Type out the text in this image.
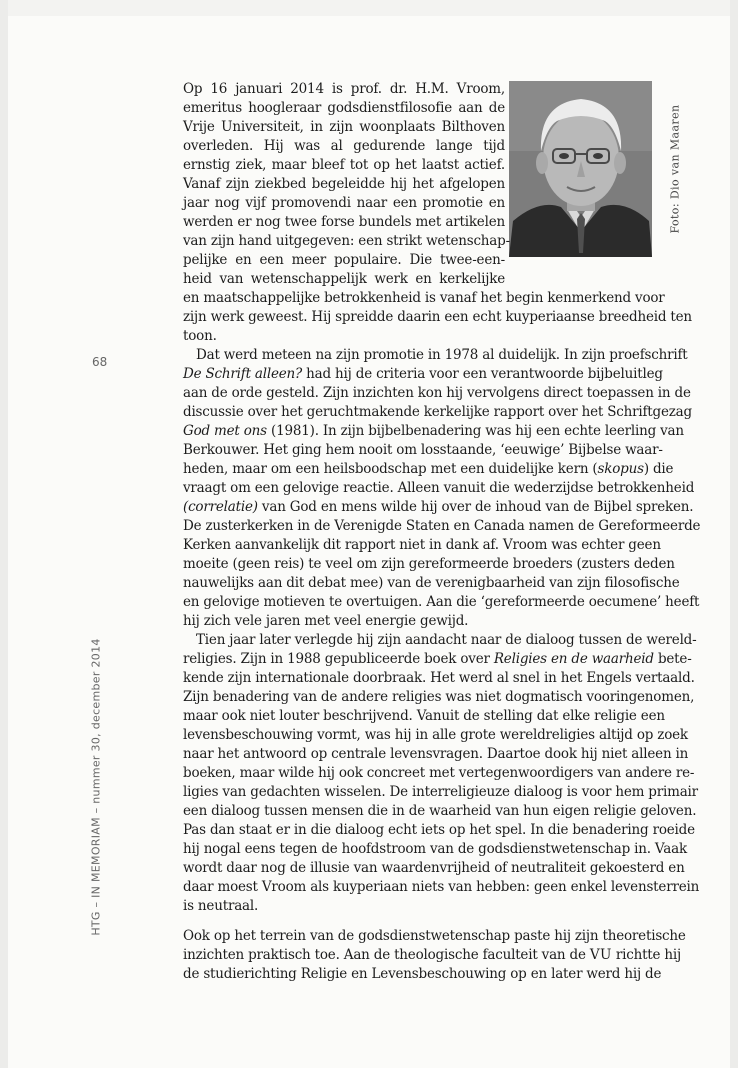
Foto: Dio van Maaren
68
HTG – IN MEMORIAM – nummer 30, december 2014
Op 16 januari 2014 is prof. dr. H.M. Vroom,
emeritus hoogleraar godsdienstfilosofie aan de
Vrije Universiteit, in zijn woonplaats Bilthoven
overleden. Hij was al gedurende lange tijd
ernstig ziek, maar bleef tot op het laatst actief.
Vanaf zijn ziekbed begeleidde hij het afgelopen
jaar nog vijf promovendi naar een promotie en
werden er nog twee forse bundels met artikelen
van zijn hand uitgegeven: een strikt wetenschap-
pelijke en een meer populaire. Die twee-een-
heid van wetenschappelijk werk en kerkelijke
en maatschappelijke betrokkenheid is vanaf het begin kenmerkend voor
zijn werk geweest. Hij spreidde daarin een echt kuyperiaanse breedheid ten
toon.
Dat werd meteen na zijn promotie in 1978 al duidelijk. In zijn proefschrift
De Schrift alleen? had hij de criteria voor een verantwoorde bijbeluitleg
aan de orde gesteld. Zijn inzichten kon hij vervolgens direct toepassen in de
discussie over het geruchtmakende kerkelijke rapport over het Schriftgezag
God met ons (1981). In zijn bijbelbenadering was hij een echte leerling van
Berkouwer. Het ging hem nooit om losstaande, ‘eeuwige’ Bijbelse waar-
heden, maar om een heilsboodschap met een duidelijke kern (skopus) die
vraagt om een gelovige reactie. Alleen vanuit die wederzijdse betrokkenheid
(correlatie) van God en mens wilde hij over de inhoud van de Bijbel spreken.
De zusterkerken in de Verenigde Staten en Canada namen de Gereformeerde
Kerken aanvankelijk dit rapport niet in dank af. Vroom was echter geen
moeite (geen reis) te veel om zijn gereformeerde broeders (zusters deden
nauwelijks aan dit debat mee) van de verenigbaarheid van zijn filosofische
en gelovige motieven te overtuigen. Aan die ‘gereformeerde oecumene’ heeft
hij zich vele jaren met veel energie gewijd.
Tien jaar later verlegde hij zijn aandacht naar de dialoog tussen de wereld-
religies. Zijn in 1988 gepubliceerde boek over Religies en de waarheid bete-
kende zijn internationale doorbraak. Het werd al snel in het Engels vertaald.
Zijn benadering van de andere religies was niet dogmatisch vooringenomen,
maar ook niet louter beschrijvend. Vanuit de stelling dat elke religie een
levensbeschouwing vormt, was hij in alle grote wereldreligies altijd op zoek
naar het antwoord op centrale levensvragen. Daartoe dook hij niet alleen in
boeken, maar wilde hij ook concreet met vertegenwoordigers van andere re-
ligies van gedachten wisselen. De interreligieuze dialoog is voor hem primair
een dialoog tussen mensen die in de waarheid van hun eigen religie geloven.
Pas dan staat er in die dialoog echt iets op het spel. In die benadering roeide
hij nogal eens tegen de hoofdstroom van de godsdienstwetenschap in. Vaak
wordt daar nog de illusie van waardenvrijheid of neutraliteit gekoesterd en
daar moest Vroom als kuyperiaan niets van hebben: geen enkel levensterrein
is neutraal.
Ook op het terrein van de godsdienstwetenschap paste hij zijn theoretische
inzichten praktisch toe. Aan de theologische faculteit van de VU richtte hij
de studierichting Religie en Levensbeschouwing op en later werd hij de
